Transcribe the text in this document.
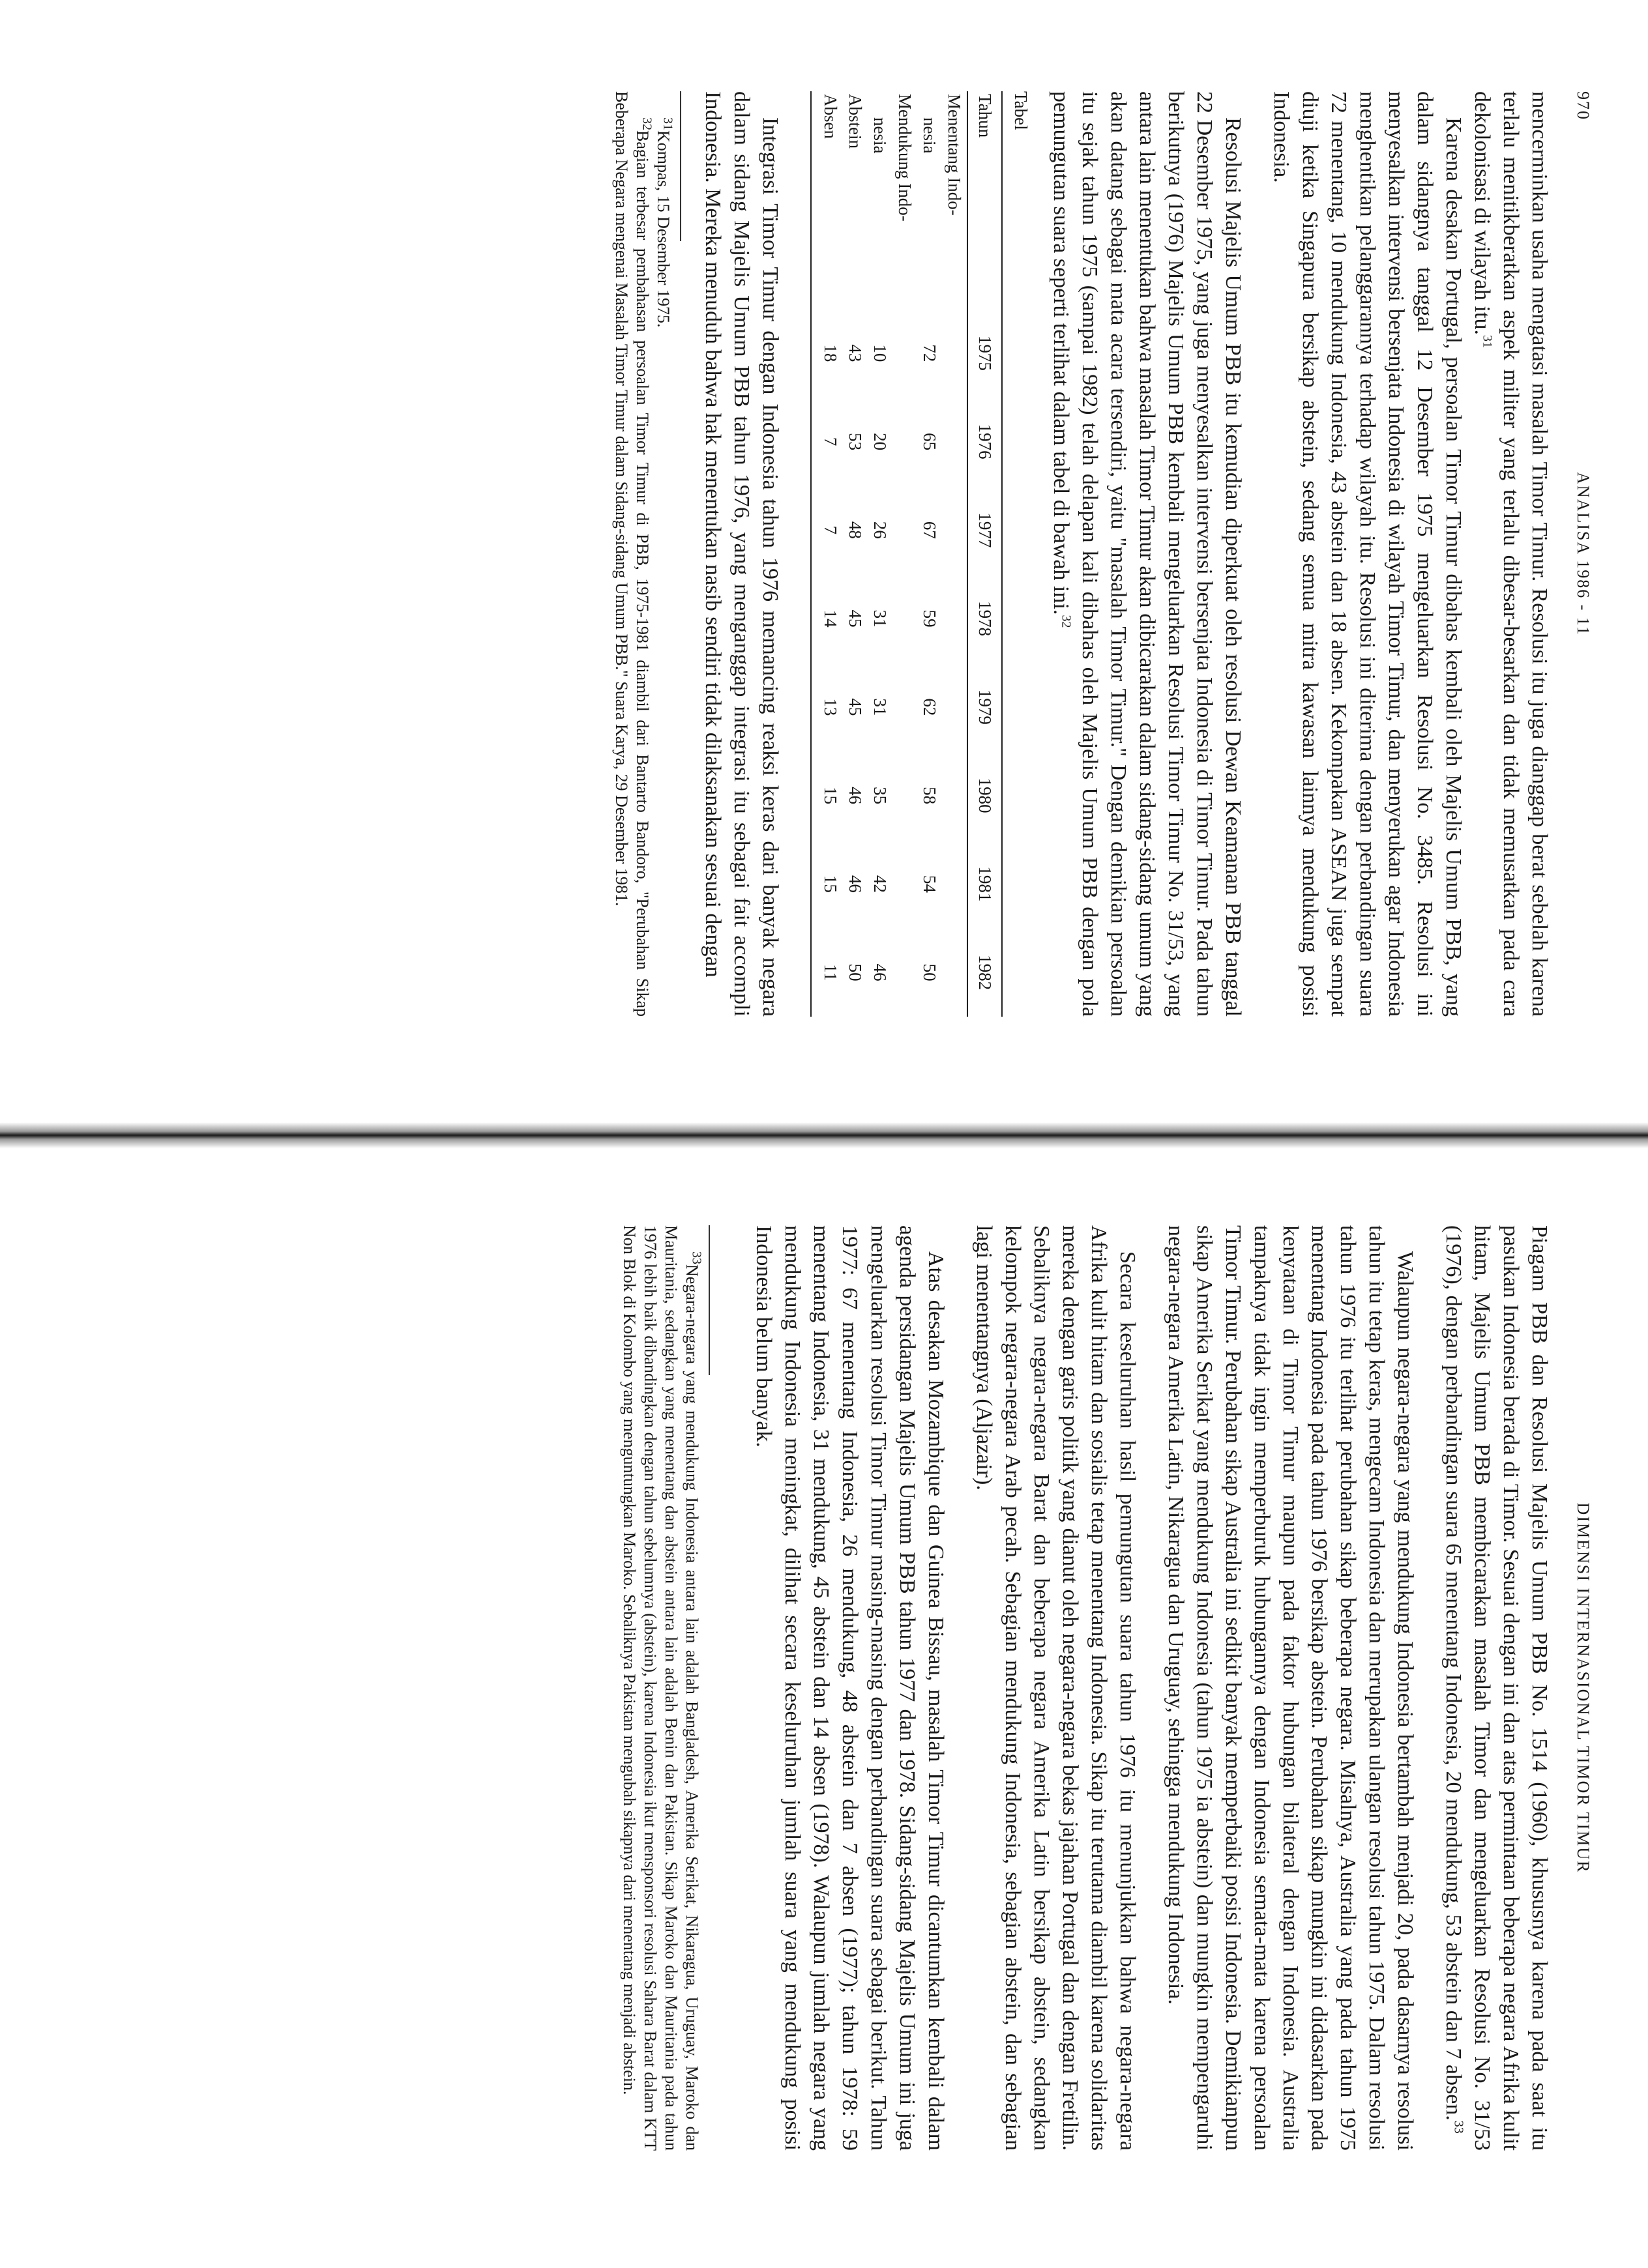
970
ANALISA 1986 - 11

mencerminkan usaha mengatasi masalah Timor Timur. Resolusi itu juga dianggap berat sebelah karena terlalu menitikberatkan aspek militer yang terlalu dibesar-besarkan dan tidak memusatkan pada cara dekolonisasi di wilayah itu.$^{31}$

Karena desakan Portugal, persoalan Timor Timur dibahas kembali oleh Majelis Umum PBB, yang dalam sidangnya tanggal 12 Desember 1975 mengeluarkan Resolusi No. 3485. Resolusi ini menyesalkan intervensi bersenjata Indonesia di wilayah Timor Timur, dan menyerukan agar Indonesia menghentikan pelanggarannya terhadap wilayah itu. Resolusi ini diterima dengan perbandingan suara 72 menentang, 10 mendukung Indonesia, 43 abstein dan 18 absen. Kekompakan ASEAN juga sempat diuji ketika Singapura bersikap abstein, sedang semua mitra kawasan lainnya mendukung posisi Indonesia.

Resolusi Majelis Umum PBB itu kemudian diperkuat oleh resolusi Dewan Keamanan PBB tanggal 22 Desember 1975, yang juga menyesalkan intervensi bersenjata Indonesia di Timor Timur. Pada tahun berikutnya (1976) Majelis Umum PBB kembali mengeluarkan Resolusi Timor Timur No. 31/53, yang antara lain menentukan bahwa masalah Timor Timur akan dibicarakan dalam sidang-sidang umum yang akan datang sebagai mata acara tersendiri, yaitu "masalah Timor Timur." Dengan demikian persoalan itu sejak tahun 1975 (sampai 1982) telah delapan kali dibahas oleh Majelis Umum PBB dengan pola pemungutan suara seperti terlihat dalam tabel di bawah ini.$^{32}$

Tabel
Tahun	1975	1976	1977	1978	1979	1980	1981	1982
Menentang Indo-								
nesia	72	65	67	59	62	58	54	50
Mendukung Indo-								
nesia	10	20	26	31	31	35	42	46
Abstein	43	53	48	45	45	46	46	50
Absen	18	7	7	14	13	15	15	11

Integrasi Timor Timur dengan Indonesia tahun 1976 memancing reaksi keras dari banyak negara dalam sidang Majelis Umum PBB tahun 1976, yang menganggap integrasi itu sebagai fait accompli Indonesia. Mereka menuduh bahwa hak menentukan nasib sendiri tidak dilaksanakan sesuai dengan

$^{31}$Kompas, 15 Desember 1975.

$^{32}$Bagian terbesar pembahasan persoalan Timor Timur di PBB, 1975-1981 diambil dari Bantarto Bandoro, "Perubahan Sikap Beberapa Negara mengenai Masalah Timor Timur dalam Sidang-sidang Umum PBB." Suara Karya, 29 Desember 1981.

DIMENSI INTERNASIONAL TIMOR TIMUR

Piagam PBB dan Resolusi Majelis Umum PBB No. 1514 (1960), khususnya karena pada saat itu pasukan Indonesia berada di Timor. Sesuai dengan ini dan atas permintaan beberapa negara Afrika kulit hitam, Majelis Umum PBB membicarakan masalah Timor dan mengeluarkan Resolusi No. 31/53 (1976), dengan perbandingan suara 65 menentang Indonesia, 20 mendukung, 53 abstein dan 7 absen.$^{33}$

Walaupun negara-negara yang mendukung Indonesia bertambah menjadi 20, pada dasarnya resolusi tahun itu tetap keras, mengecam Indonesia dan merupakan ulangan resolusi tahun 1975. Dalam resolusi tahun 1976 itu terlihat perubahan sikap beberapa negara. Misalnya, Australia yang pada tahun 1975 menentang Indonesia pada tahun 1976 bersikap abstein. Perubahan sikap mungkin ini didasarkan pada kenyataan di Timor Timur maupun pada faktor hubungan bilateral dengan Indonesia. Australia tampaknya tidak ingin memperburuk hubungannya dengan Indonesia semata-mata karena persoalan Timor Timur. Perubahan sikap Australia ini sedikit banyak memperbaiki posisi Indonesia. Demikianpun sikap Amerika Serikat yang mendukung Indonesia (tahun 1975 ia abstein) dan mungkin mempengaruhi negara-negara Amerika Latin, Nikaragua dan Uruguay, sehingga mendukung Indonesia.

Secara keseluruhan hasil pemungutan suara tahun 1976 itu menunjukkan bahwa negara-negara Afrika kulit hitam dan sosialis tetap menentang Indonesia. Sikap itu terutama diambil karena solidaritas mereka dengan garis politik yang dianut oleh negara-negara bekas jajahan Portugal dan dengan Fretilin. Sebaliknya negara-negara Barat dan beberapa negara Amerika Latin bersikap abstein, sedangkan kelompok negara-negara Arab pecah. Sebagian mendukung Indonesia, sebagian abstein, dan sebagian lagi menentangnya (Aljazair).

Atas desakan Mozambique dan Guinea Bissau, masalah Timor Timur dicantumkan kembali dalam agenda persidangan Majelis Umum PBB tahun 1977 dan 1978. Sidang-sidang Majelis Umum ini juga mengeluarkan resolusi Timor Timur masing-masing dengan perbandingan suara sebagai berikut. Tahun 1977: 67 menentang Indonesia, 26 mendukung, 48 abstein dan 7 absen (1977); tahun 1978: 59 menentang Indonesia, 31 mendukung, 45 abstein dan 14 absen (1978). Walaupun jumlah negara yang mendukung Indonesia meningkat, dilihat secara keseluruhan jumlah suara yang mendukung posisi Indonesia belum banyak.

$^{33}$Negara-negara yang mendukung Indonesia antara lain adalah Bangladesh, Amerika Serikat, Nikaragua, Uruguay, Maroko dan Mauritania, sedangkan yang menentang dan abstein antara lain adalah Benin dan Pakistan. Sikap Maroko dan Mauritania pada tahun 1976 lebih baik dibandingkan dengan tahun sebelumnya (abstein), karena Indonesia ikut mensponsori resolusi Sahara Barat dalam KTT Non Blok di Kolombo yang menguntungkan Maroko. Sebaliknya Pakistan mengubah sikapnya dari menentang menjadi abstein.
